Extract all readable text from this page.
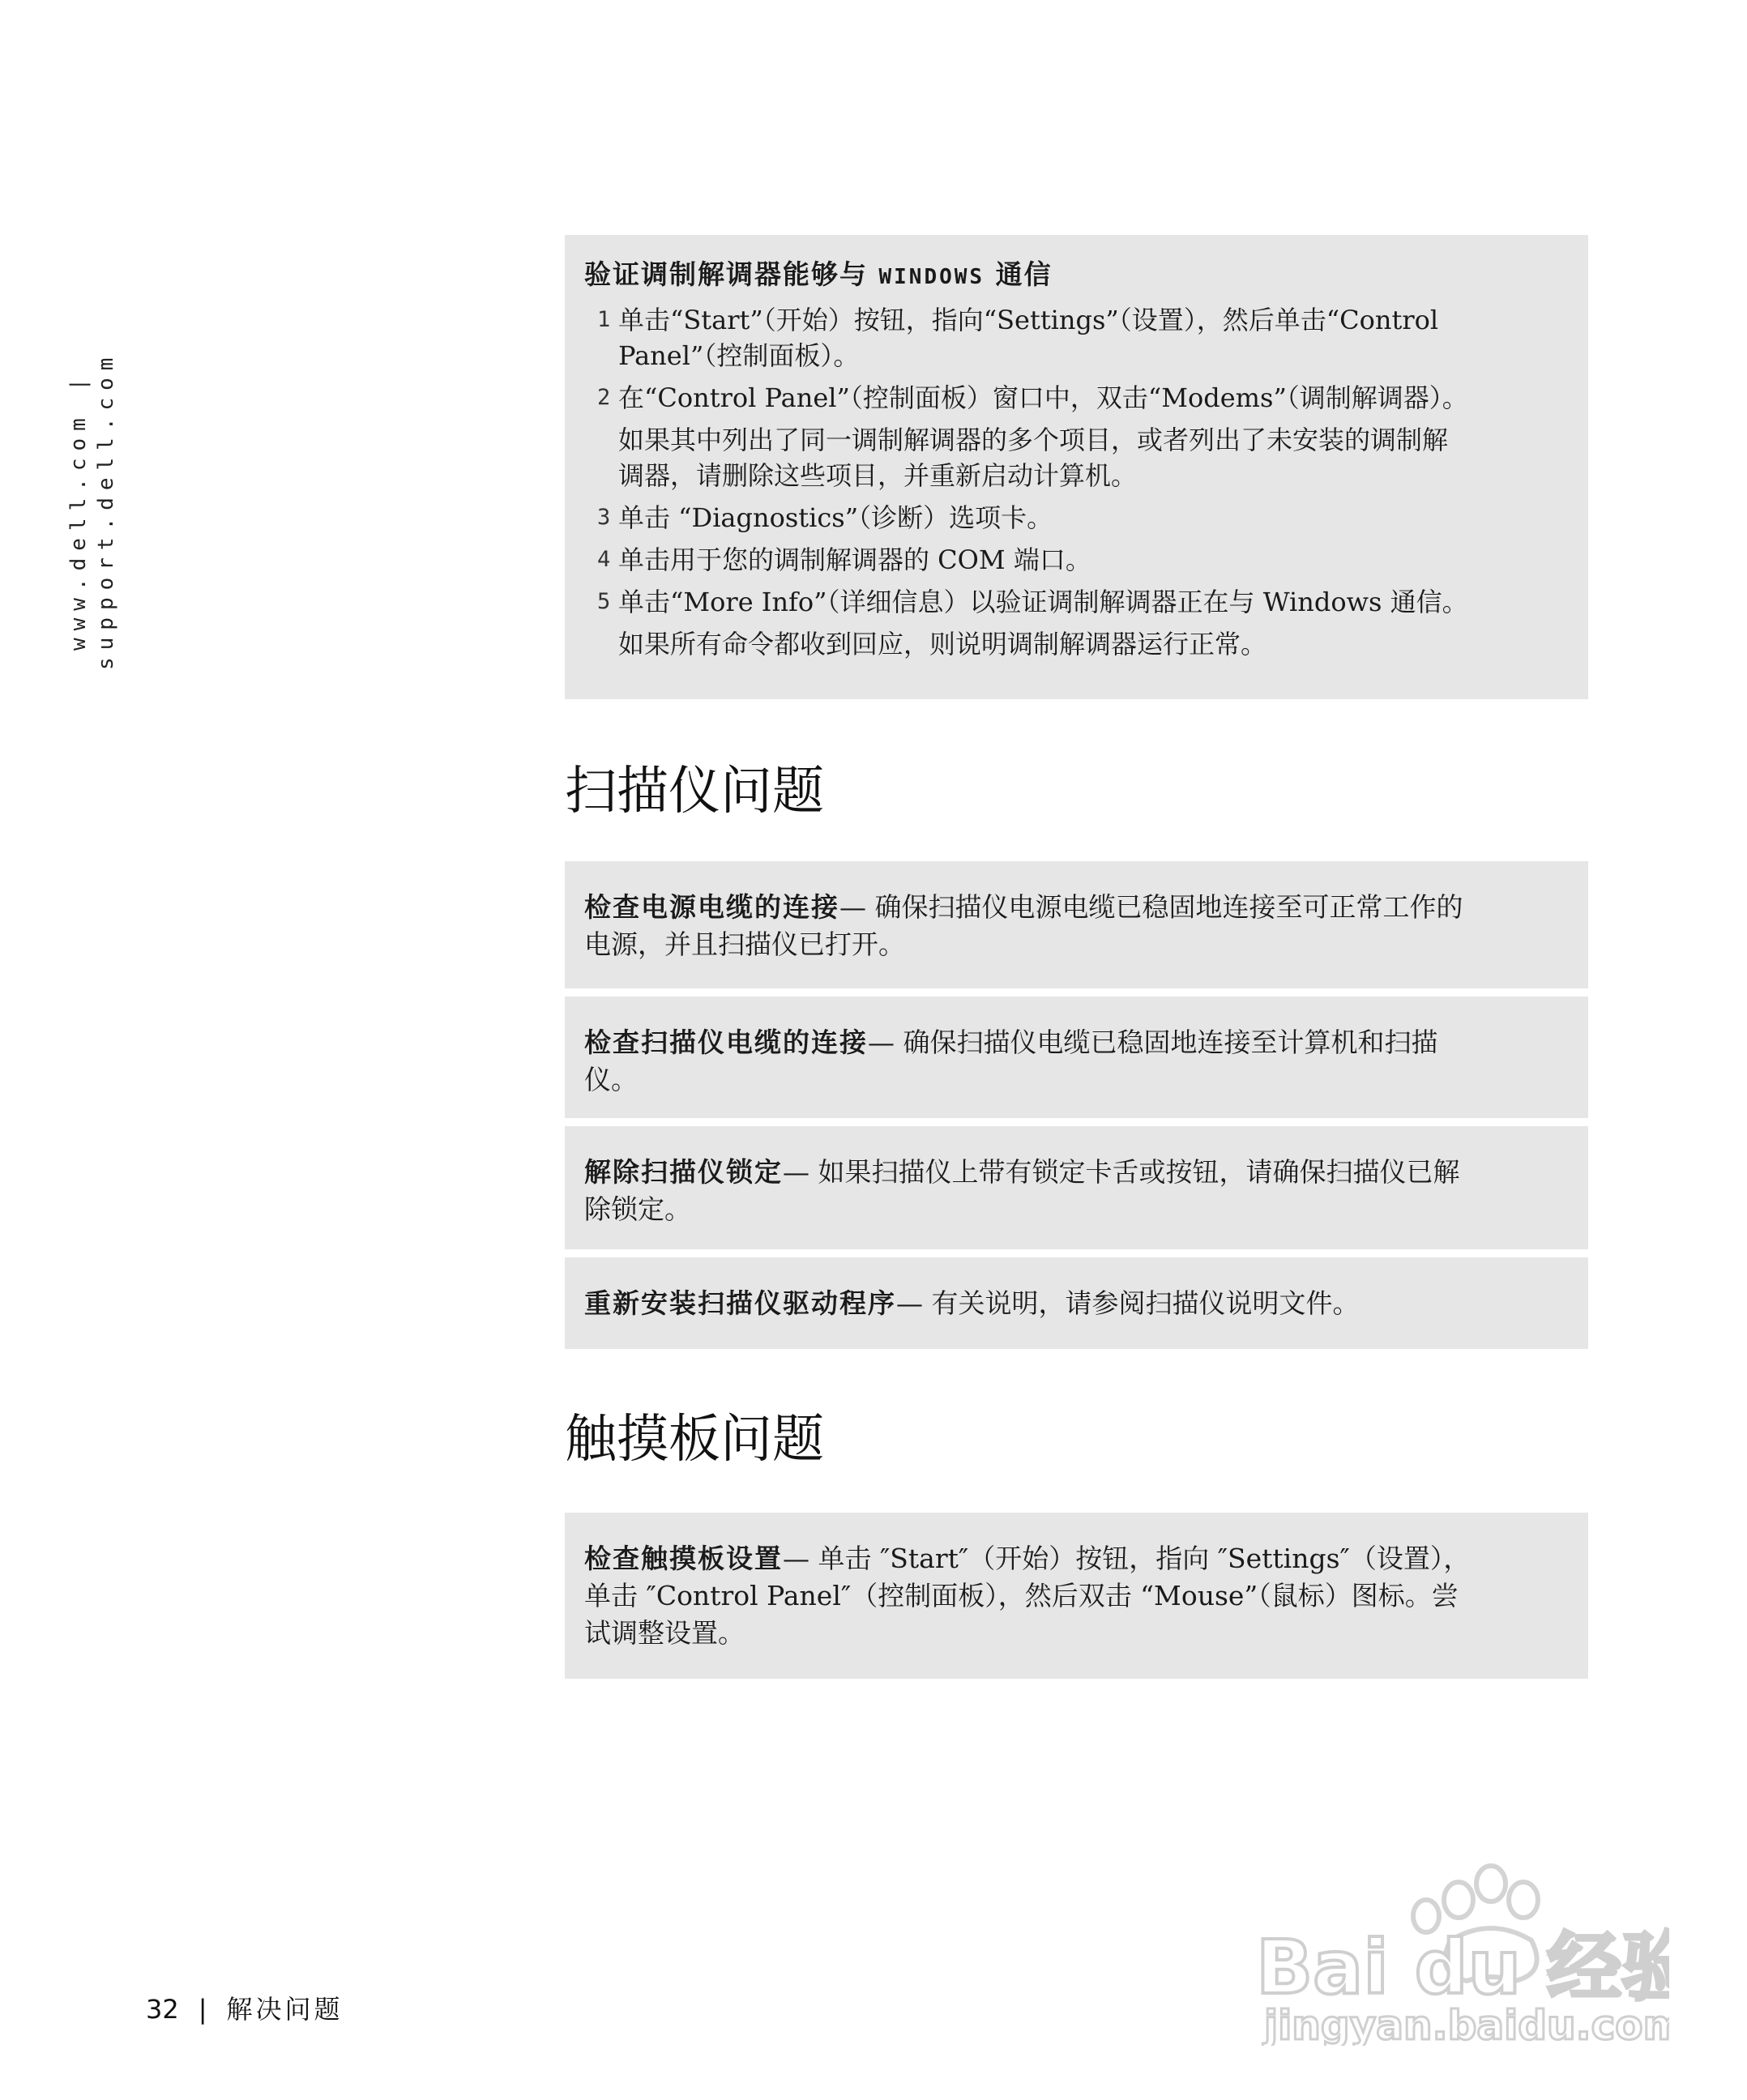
www.dell.com | support.dell.com
验证调制解调器能够与 WINDOWS 通信
1 单击“Start”（开始）按钮，指向“Settings”（设置），然后单击“Control
Panel”（控制面板）。
2 在“Control Panel”（控制面板）窗口中，双击“Modems”（调制解调器）。
如果其中列出了同一调制解调器的多个项目，或者列出了未安装的调制解
调器，请删除这些项目，并重新启动计算机。
3 单击 “Diagnostics”（诊断）选项卡。
4 单击用于您的调制解调器的 COM 端口。
5 单击“More Info”（详细信息）以验证调制解调器正在与 Windows 通信。
如果所有命令都收到回应，则说明调制解调器运行正常。
扫描仪问题
检查电源电缆的连接— 确保扫描仪电源电缆已稳固地连接至可正常工作的
电源，并且扫描仪已打开。
检查扫描仪电缆的连接— 确保扫描仪电缆已稳固地连接至计算机和扫描
仪。
解除扫描仪锁定— 如果扫描仪上带有锁定卡舌或按钮，请确保扫描仪已解
除锁定。
重新安装扫描仪驱动程序— 有关说明，请参阅扫描仪说明文件。
触摸板问题
检查触摸板设置— 单击 ″Start″（开始）按钮，指向 ″Settings″（设置），
单击 ″Control Panel″（控制面板），然后双击 “Mouse”（鼠标）图标。尝
试调整设置。
32 | 解决问题	Bai du 经验
jingyan.baidu.com
